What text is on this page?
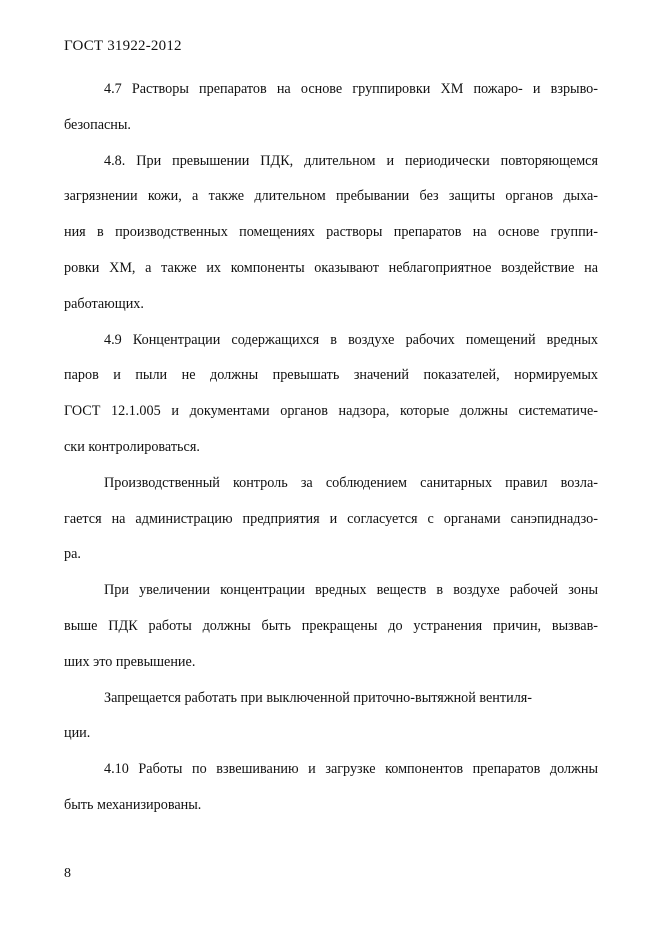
ГОСТ 31922-2012
4.7 Растворы препаратов на основе группировки ХМ пожаро- и взрыво-
безопасны.
4.8. При превышении ПДК, длительном и периодически повторяющемся
загрязнении кожи, а также длительном пребывании без защиты органов дыха-
ния в производственных помещениях растворы препаратов на основе группи-
ровки ХМ, а также их компоненты оказывают неблагоприятное воздействие на
работающих.
4.9 Концентрации содержащихся в воздухе рабочих помещений вредных
паров и пыли не должны превышать значений показателей, нормируемых
ГОСТ 12.1.005 и документами органов надзора, которые должны систематиче-
ски контролироваться.
Производственный контроль за соблюдением санитарных правил возла-
гается на администрацию предприятия и согласуется с органами санэпиднадзо-
ра.
При увеличении концентрации вредных веществ в воздухе рабочей зоны
выше ПДК работы должны быть прекращены до устранения причин, вызвав-
ших это превышение.
Запрещается работать при выключенной приточно-вытяжной вентиля-
ции.
4.10 Работы по взвешиванию и загрузке компонентов препаратов должны
быть механизированы.
8
